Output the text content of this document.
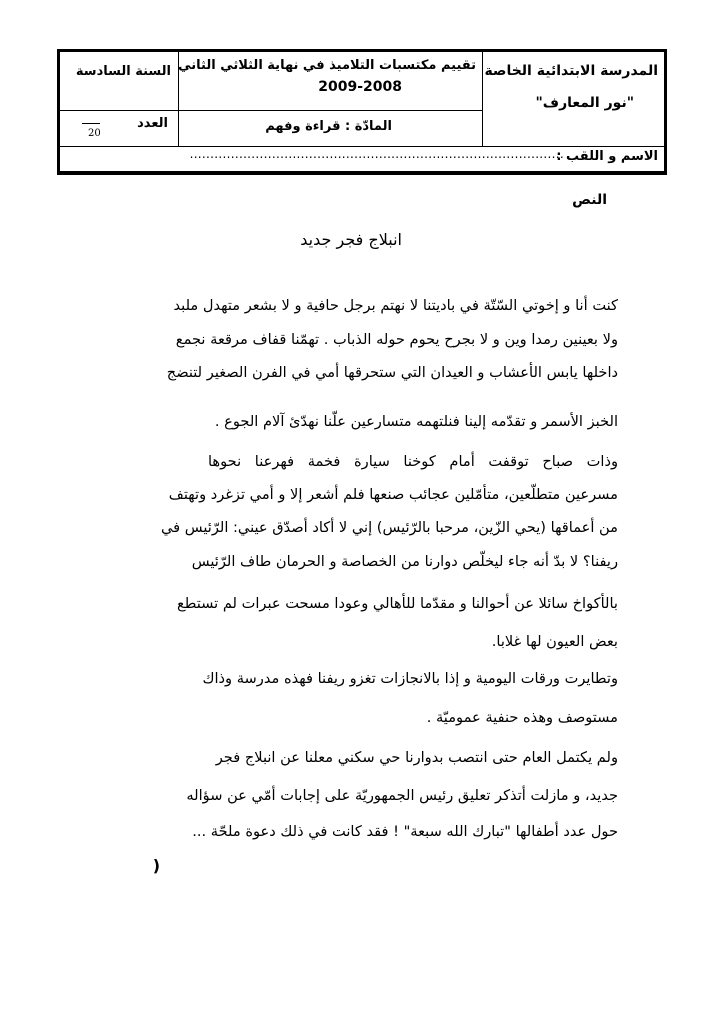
المدرسة الابتدائية الخاصة
"نور المعارف"
تقييم مكتسبات التلاميذ في نهاية الثلاثي الثاني
2009-2008
المادّة : قراءة وفهم
السنة السادسة
العدد
20
الاسم و اللقب :
...........................................................................................
النص
انبلاج فجر جديد
كنت أنا و إخوتي السّتّة في باديتنا لا نهتم برجل حافية و لا بشعر متهدل ملبد
ولا بعينين رمدا وين و لا بجرح يحوم حوله الذباب . تهمّنا قفاف مرقعة نجمع
داخلها يابس الأعشاب و العيدان التي ستحرقها أمي في الفرن الصغير لتنضج
الخبز الأسمر و تقدّمه إلينا فنلتهمه متسارعين علّنا نهدّئ آلام الجوع .
وذات صباح توقفت أمام كوخنا سيارة فخمة فهرعنا نحوها
مسرعين متطلّعين، متأمّلين عجائب صنعها فلم أشعر إلا و أمي تزغرد وتهتف
من أعماقها (يحي الزّين، مرحبا بالرّئيس) إني لا أكاد أصدّق عيني: الرّئيس في
ريفنا؟ لا بدّ أنه جاء ليخلّص دوارنا من الخصاصة و الحرمان طاف الرّئيس
بالأكواخ سائلا عن أحوالنا و مقدّما للأهالي وعودا مسحت عبرات لم تستطع
بعض العيون لها غلابا.
وتطايرت ورقات اليومية و إذا بالانجازات تغزو ريفنا فهذه مدرسة وذاك
مستوصف وهذه حنفية عموميّة .
ولم يكتمل العام حتى انتصب بدوارنا حي سكني معلنا عن انبلاج فجر
جديد، و مازلت أتذكر تعليق رئيس الجمهوريّة على إجابات أمّي عن سؤاله
حول عدد أطفالها "تبارك الله سبعة" ! فقد كانت في ذلك دعوة ملحّة ...
(
